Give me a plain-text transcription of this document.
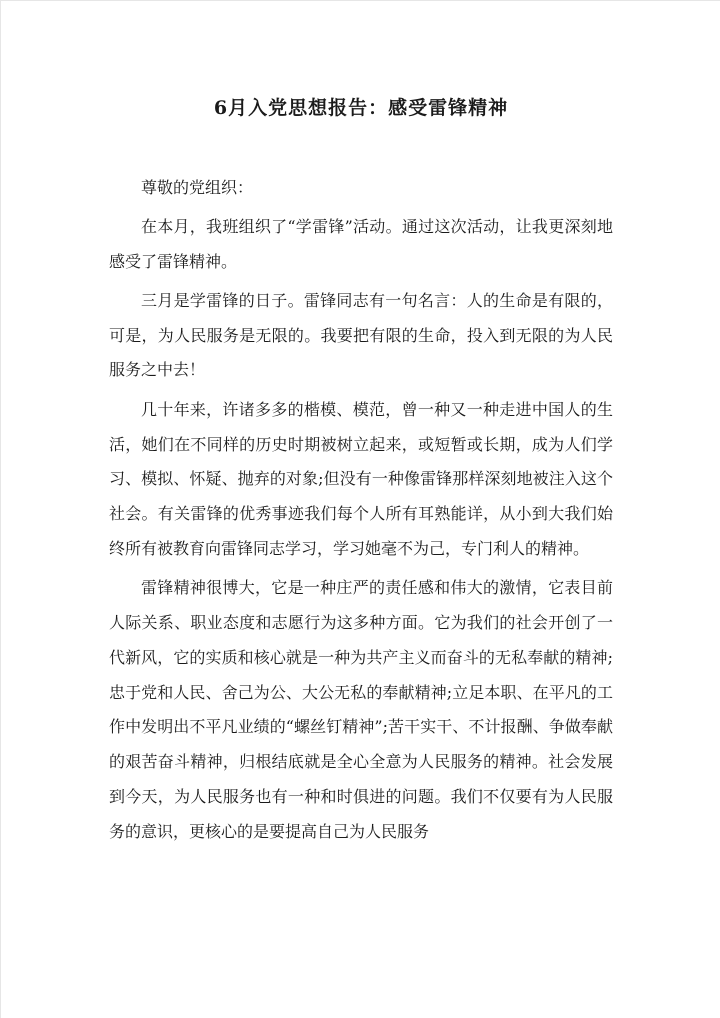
6月入党思想报告：感受雷锋精神

尊敬的党组织：

在本月，我班组织了“学雷锋”活动。通过这次活动，让我更深刻地感受了雷锋精神。

三月是学雷锋的日子。雷锋同志有一句名言：人的生命是有限的，可是，为人民服务是无限的。我要把有限的生命，投入到无限的为人民服务之中去！

几十年来，许诸多多的楷模、模范，曾一种又一种走进中国人的生活，她们在不同样的历史时期被树立起来，或短暂或长期，成为人们学习、模拟、怀疑、抛弃的对象;但没有一种像雷锋那样深刻地被注入这个社会。有关雷锋的优秀事迹我们每个人所有耳熟能详，从小到大我们始终所有被教育向雷锋同志学习，学习她毫不为己，专门利人的精神。

雷锋精神很博大，它是一种庄严的责任感和伟大的激情，它表目前人际关系、职业态度和志愿行为这多种方面。它为我们的社会开创了一代新风，它的实质和核心就是一种为共产主义而奋斗的无私奉献的精神;忠于党和人民、舍己为公、大公无私的奉献精神;立足本职、在平凡的工作中发明出不平凡业绩的“螺丝钉精神”;苦干实干、不计报酬、争做奉献的艰苦奋斗精神，归根结底就是全心全意为人民服务的精神。社会发展到今天，为人民服务也有一种和时俱进的问题。我们不仅要有为人民服务的意识，更核心的是要提高自己为人民服务
